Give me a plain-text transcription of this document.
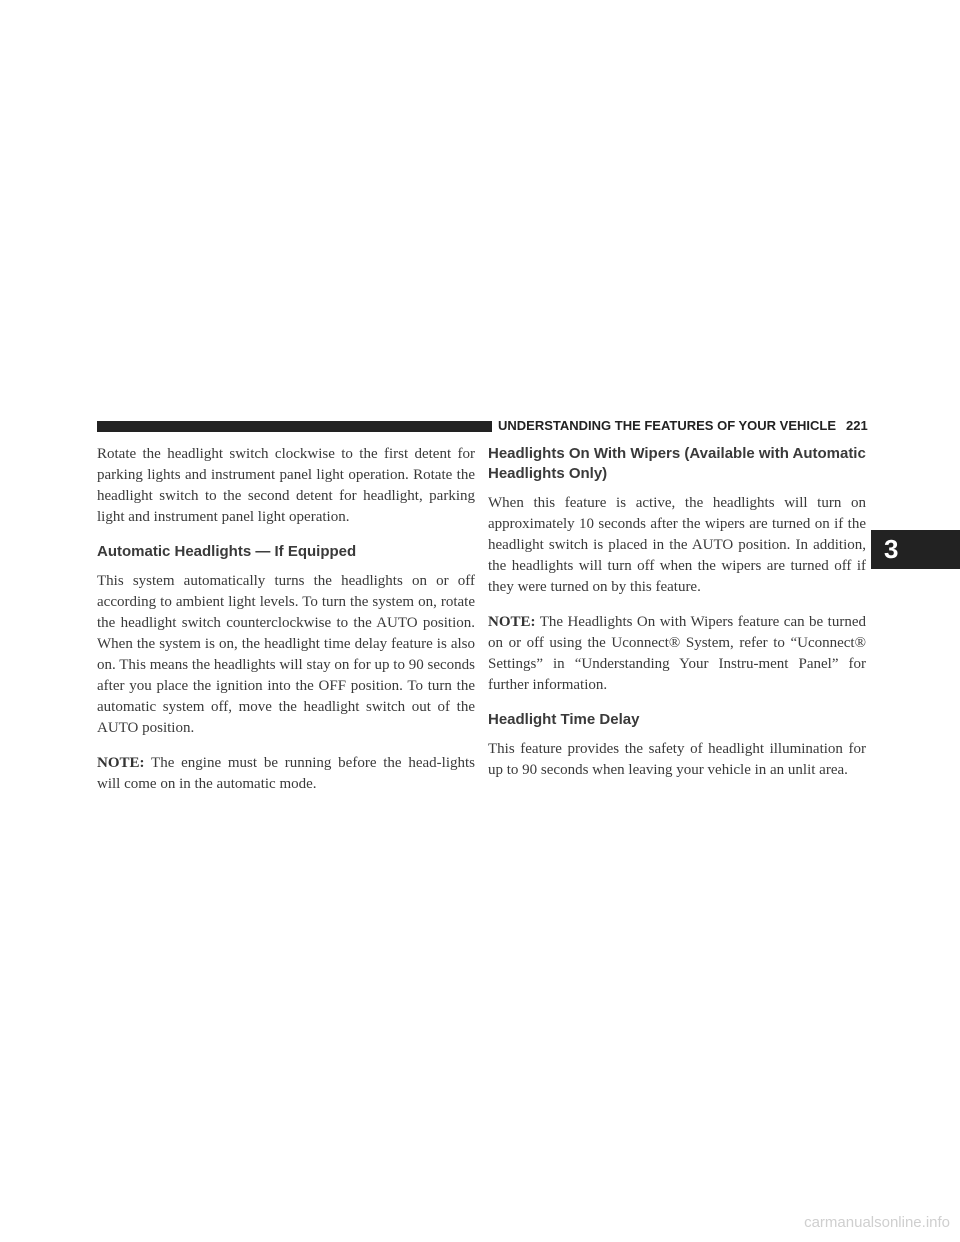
UNDERSTANDING THE FEATURES OF YOUR VEHICLE 221

Rotate the headlight switch clockwise to the first detent for parking lights and instrument panel light operation. Rotate the headlight switch to the second detent for headlight, parking light and instrument panel light operation.

Automatic Headlights — If Equipped

This system automatically turns the headlights on or off according to ambient light levels. To turn the system on, rotate the headlight switch counterclockwise to the AUTO position. When the system is on, the headlight time delay feature is also on. This means the headlights will stay on for up to 90 seconds after you place the ignition into the OFF position. To turn the automatic system off, move the headlight switch out of the AUTO position.

NOTE: The engine must be running before the head-lights will come on in the automatic mode.

Headlights On With Wipers (Available with Automatic Headlights Only)

When this feature is active, the headlights will turn on approximately 10 seconds after the wipers are turned on if the headlight switch is placed in the AUTO position. In addition, the headlights will turn off when the wipers are turned off if they were turned on by this feature.

NOTE: The Headlights On with Wipers feature can be turned on or off using the Uconnect® System, refer to “Uconnect® Settings” in “Understanding Your Instru-ment Panel” for further information.

Headlight Time Delay

This feature provides the safety of headlight illumination for up to 90 seconds when leaving your vehicle in an unlit area.

3
carmanualsonline.info
